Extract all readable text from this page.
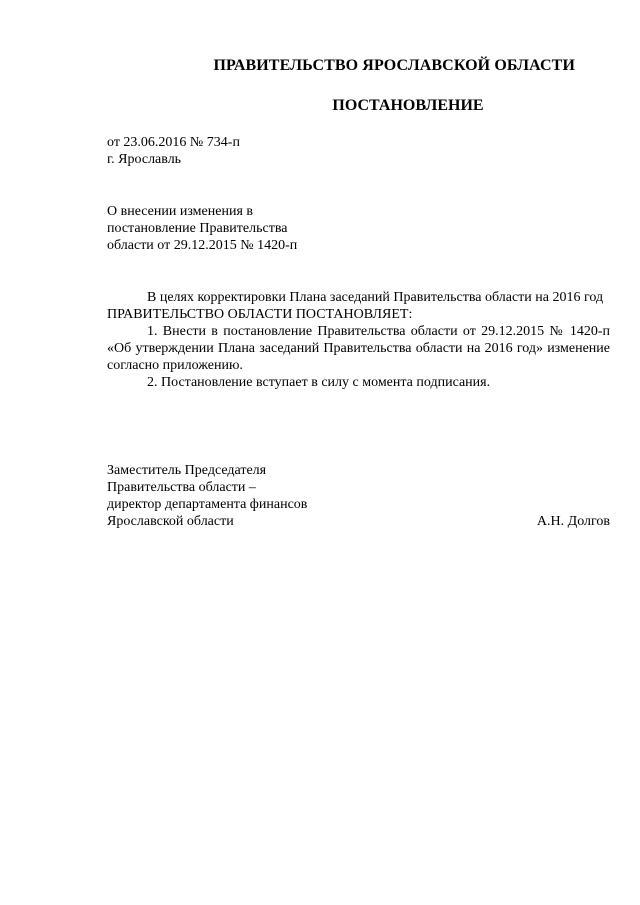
ПРАВИТЕЛЬСТВО ЯРОСЛАВСКОЙ ОБЛАСТИ
ПОСТАНОВЛЕНИЕ
от 23.06.2016 № 734-п
г. Ярославль
О внесении изменения в
постановление Правительства
области от 29.12.2015 № 1420-п

В целях корректировки Плана заседаний Правительства области на 2016 год

ПРАВИТЕЛЬСТВО ОБЛАСТИ ПОСТАНОВЛЯЕТ:

1. Внести в постановление Правительства области от 29.12.2015 № 1420-п «Об утверждении Плана заседаний Правительства области на 2016 год» изменение согласно приложению.

2. Постановление вступает в силу с момента подписания.

Заместитель Председателя
Правительства области –
директор департамента финансов
Ярославской области	А.Н. Долгов
